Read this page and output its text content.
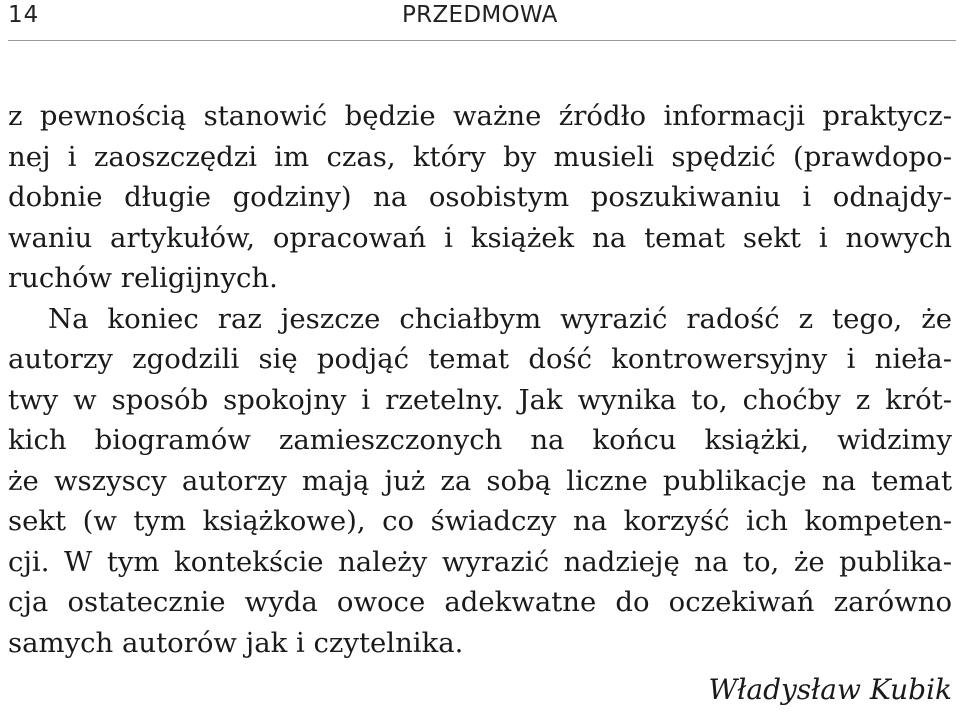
14	PRZEDMOWA
z pewnością stanowić będzie ważne źródło informacji praktycz-
nej i zaoszczędzi im czas, który by musieli spędzić (prawdopo-
dobnie długie godziny) na osobistym poszukiwaniu i odnajdy-
waniu artykułów, opracowań i książek na temat sekt i nowych
ruchów religijnych.
Na koniec raz jeszcze chciałbym wyrazić radość z tego, że
autorzy zgodzili się podjąć temat dość kontrowersyjny i niełа-
twy w sposób spokojny i rzetelny. Jak wynika to, choćby z krót-
kich biogramów zamieszczonych na końcu książki, widzimy
że wszyscy autorzy mają już za sobą liczne publikacje na temat
sekt (w tym książkowe), co świadczy na korzyść ich kompeten-
cji. W tym kontekście należy wyrazić nadzieję na to, że publika-
cja ostatecznie wyda owoce adekwatne do oczekiwań zarówno
samych autorów jak i czytelnika.
Władysław Kubik
